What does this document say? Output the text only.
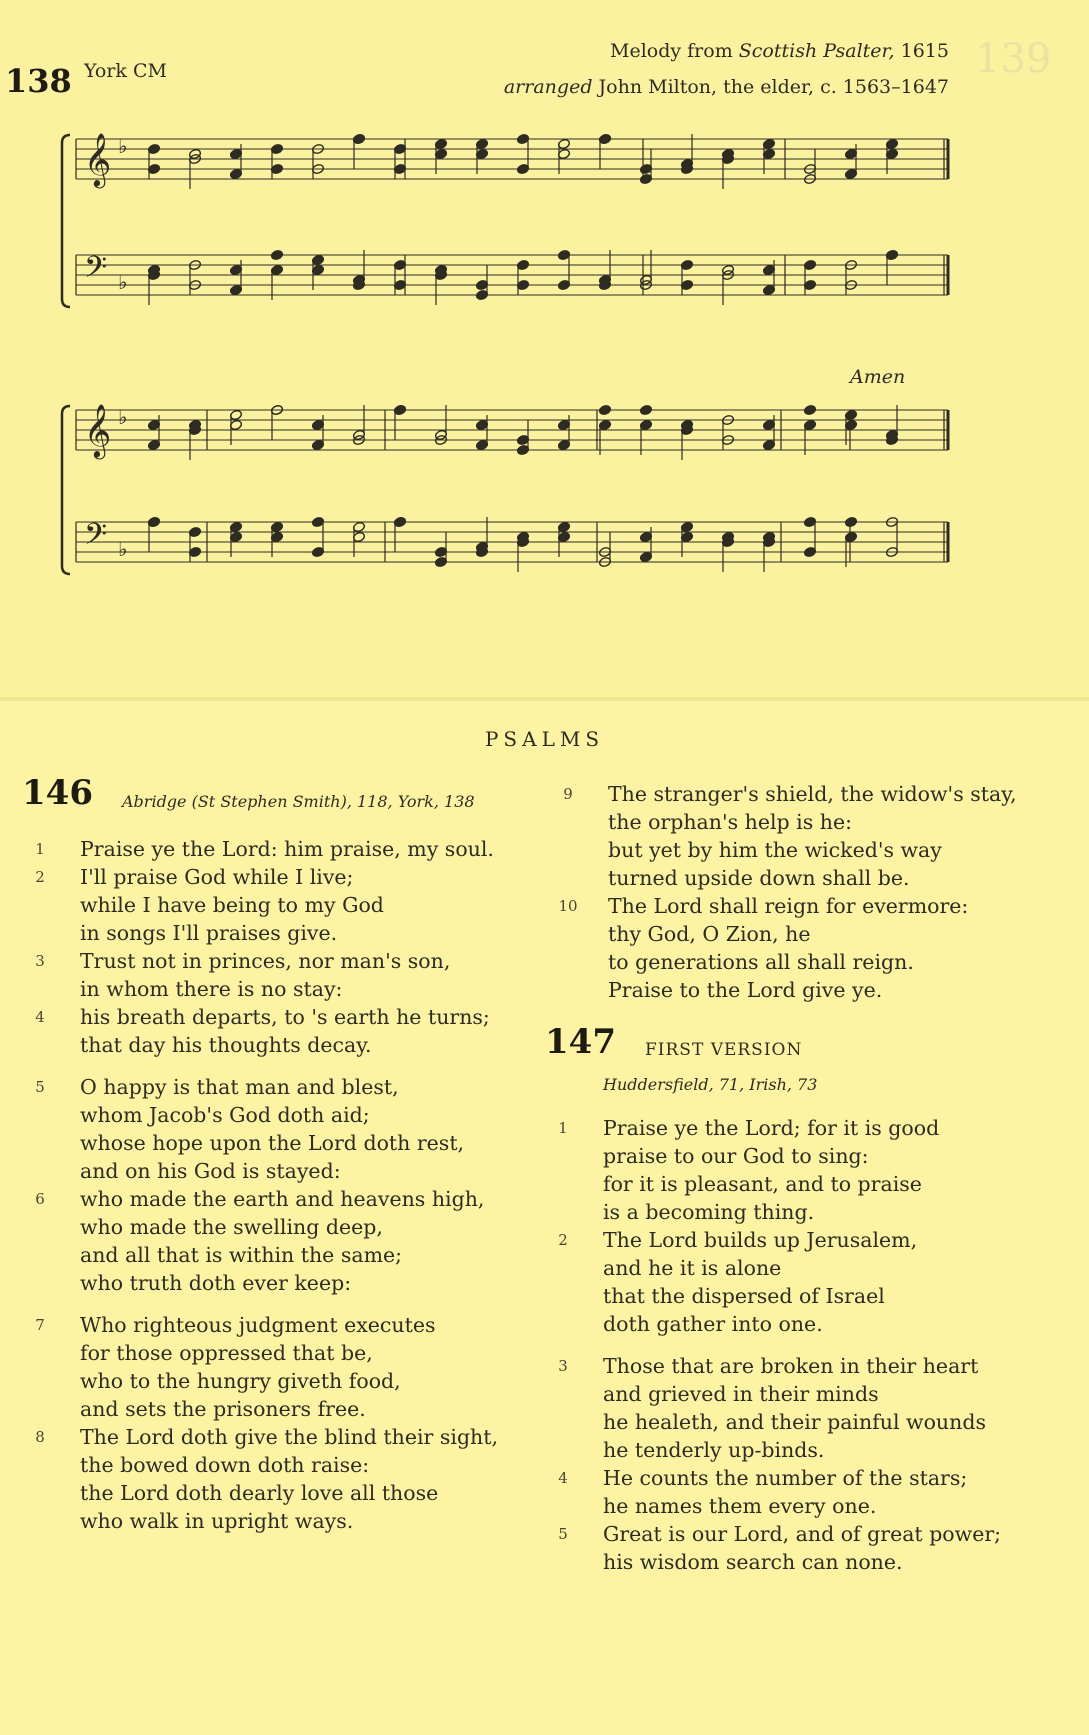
139
138 York CM
Melody from Scottish Psalter, 1615
arranged John Milton, the elder, c. 1563–1647
Amen
𝄞 ♭
𝄢 ♭
𝄞 ♭
𝄢 ♭
PSALMS
146 Abridge (St Stephen Smith), 118, York, 138
1 Praise ye the Lord: him praise, my soul.
2 I'll praise God while I live;
while I have being to my God
in songs I'll praises give.
3 Trust not in princes, nor man's son,
in whom there is no stay:
4 his breath departs, to 's earth he turns;
that day his thoughts decay.
5 O happy is that man and blest,
whom Jacob's God doth aid;
whose hope upon the Lord doth rest,
and on his God is stayed:
6 who made the earth and heavens high,
who made the swelling deep,
and all that is within the same;
who truth doth ever keep:
7 Who righteous judgment executes
for those oppressed that be,
who to the hungry giveth food,
and sets the prisoners free.
8 The Lord doth give the blind their sight,
the bowed down doth raise:
the Lord doth dearly love all those
who walk in upright ways.
9 The stranger's shield, the widow's stay,
the orphan's help is he:
but yet by him the wicked's way
turned upside down shall be.
10 The Lord shall reign for evermore:
thy God, O Zion, he
to generations all shall reign.
Praise to the Lord give ye.
147 FIRST VERSION
Huddersfield, 71, Irish, 73
1 Praise ye the Lord; for it is good
praise to our God to sing:
for it is pleasant, and to praise
is a becoming thing.
2 The Lord builds up Jerusalem,
and he it is alone
that the dispersed of Israel
doth gather into one.
3 Those that are broken in their heart
and grieved in their minds
he healeth, and their painful wounds
he tenderly up-binds.
4 He counts the number of the stars;
he names them every one.
5 Great is our Lord, and of great power;
his wisdom search can none.
